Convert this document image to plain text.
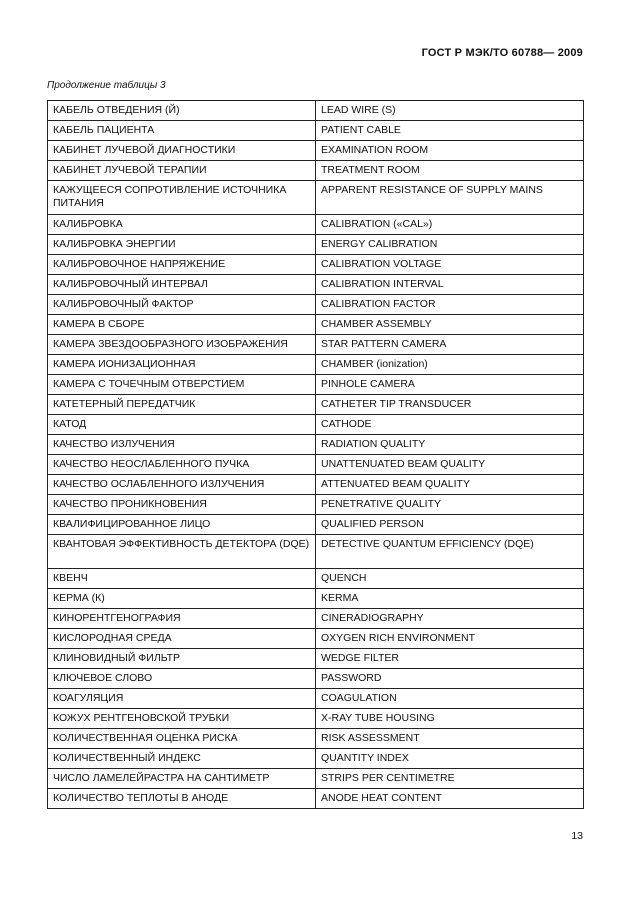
ГОСТ Р МЭК/ТО 60788— 2009
Продолжение таблицы 3
КАБЕЛЬ ОТВЕДЕНИЯ (Й)	LEAD WIRE (S)
КАБЕЛЬ ПАЦИЕНТА	PATIENT CABLE
КАБИНЕТ ЛУЧЕВОЙ ДИАГНОСТИКИ	EXAMINATION ROOM
КАБИНЕТ ЛУЧЕВОЙ ТЕРАПИИ	TREATMENT ROOM
КАЖУЩЕЕСЯ СОПРОТИВЛЕНИЕ ИСТОЧНИКА ПИТАНИЯ	APPARENT RESISTANCE OF SUPPLY MAINS
КАЛИБРОВКА	CALIBRATION («CAL»)
КАЛИБРОВКА ЭНЕРГИИ	ENERGY CALIBRATION
КАЛИБРОВОЧНОЕ НАПРЯЖЕНИЕ	CALIBRATION VOLTAGE
КАЛИБРОВОЧНЫЙ ИНТЕРВАЛ	CALIBRATION INTERVAL
КАЛИБРОВОЧНЫЙ ФАКТОР	CALIBRATION FACTOR
КАМЕРА В СБОРЕ	CHAMBER ASSEMBLY
КАМЕРА ЗВЕЗДООБРАЗНОГО ИЗОБРАЖЕНИЯ	STAR PATTERN CAMERA
КАМЕРА ИОНИЗАЦИОННАЯ	CHAMBER (ionization)
КАМЕРА С ТОЧЕЧНЫМ ОТВЕРСТИЕМ	PINHOLE CAMERA
КАТЕТЕРНЫЙ ПЕРЕДАТЧИК	CATHETER TIP TRANSDUCER
КАТОД	CATHODE
КАЧЕСТВО ИЗЛУЧЕНИЯ	RADIATION QUALITY
КАЧЕСТВО НЕОСЛАБЛЕННОГО ПУЧКА	UNATTENUATED BEAM QUALITY
КАЧЕСТВО ОСЛАБЛЕННОГО ИЗЛУЧЕНИЯ	ATTENUATED BEAM QUALITY
КАЧЕСТВО ПРОНИКНОВЕНИЯ	PENETRATIVE QUALITY
КВАЛИФИЦИРОВАННОЕ ЛИЦО	QUALIFIED PERSON
КВАНТОВАЯ ЭФФЕКТИВНОСТЬ ДЕТЕКТОРА (DQE)	DETECTIVE QUANTUM EFFICIENCY (DQE)
КВЕНЧ	QUENCH
КЕРМА (К)	KERMA
КИНОРЕНТГЕНОГРАФИЯ	CINERADIOGRAPHY
КИСЛОРОДНАЯ СРЕДА	OXYGEN RICH ENVIRONMENT
КЛИНОВИДНЫЙ ФИЛЬТР	WEDGE FILTER
КЛЮЧЕВОЕ СЛОВО	PASSWORD
КОАГУЛЯЦИЯ	COAGULATION
КОЖУХ РЕНТГЕНОВСКОЙ ТРУБКИ	X-RAY TUBE HOUSING
КОЛИЧЕСТВЕННАЯ ОЦЕНКА РИСКА	RISK ASSESSMENT
КОЛИЧЕСТВЕННЫЙ ИНДЕКС	QUANTITY INDEX
ЧИСЛО ЛАМЕЛЕЙРАСТРА НА САНТИМЕТР	STRIPS PER CENTIMETRE
КОЛИЧЕСТВО ТЕПЛОТЫ В АНОДЕ	ANODE HEAT CONTENT
13
